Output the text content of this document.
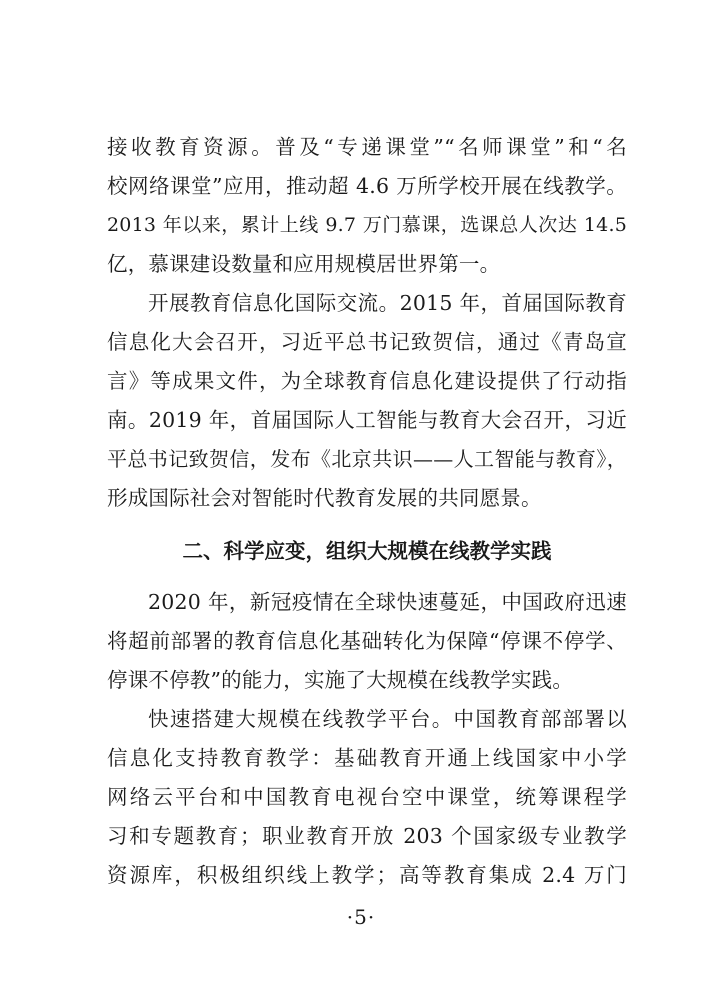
接收教育资源。普及“专递课堂”“名师课堂”和“名
校网络课堂”应用，推动超 4.6 万所学校开展在线教学。
2013 年以来，累计上线 9.7 万门慕课，选课总人次达 14.5
亿，慕课建设数量和应用规模居世界第一。
开展教育信息化国际交流。2015 年，首届国际教育
信息化大会召开，习近平总书记致贺信，通过《青岛宣
言》等成果文件，为全球教育信息化建设提供了行动指
南。2019 年，首届国际人工智能与教育大会召开，习近
平总书记致贺信，发布《北京共识——人工智能与教育》，
形成国际社会对智能时代教育发展的共同愿景。
二、科学应变，组织大规模在线教学实践
2020 年，新冠疫情在全球快速蔓延，中国政府迅速
将超前部署的教育信息化基础转化为保障“停课不停学、
停课不停教”的能力，实施了大规模在线教学实践。
快速搭建大规模在线教学平台。中国教育部部署以
信息化支持教育教学：基础教育开通上线国家中小学
网络云平台和中国教育电视台空中课堂，统筹课程学
习和专题教育；职业教育开放 203 个国家级专业教学
资源库，积极组织线上教学；高等教育集成 2.4 万门
·5·
